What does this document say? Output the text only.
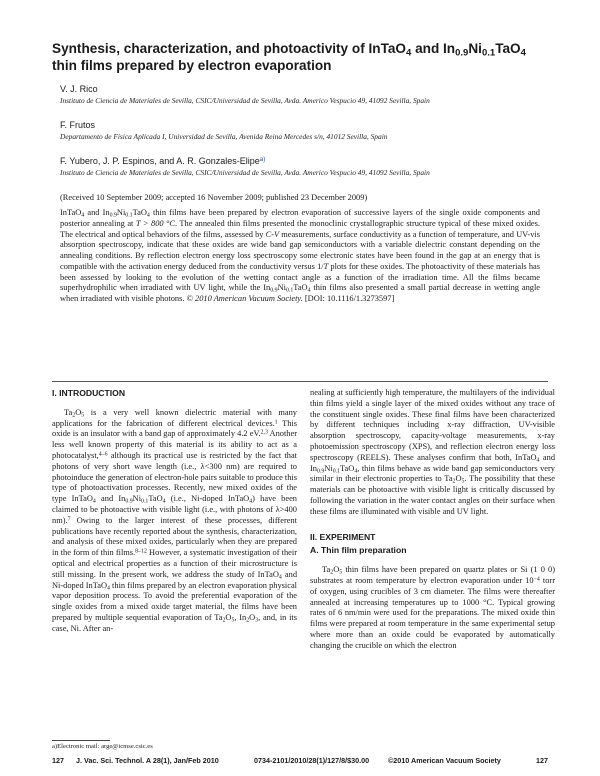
Synthesis, characterization, and photoactivity of InTaO$_4$ and $In_{0.9}Ni_{0.1}TaO_4$
thin films prepared by electron evaporation
V. J. Rico
Instituto de Ciencia de Materiales de Sevilla, CSIC/Universidad de Sevilla, Avda. Americo Vespucio 49, 41092 Sevilla, Spain
F. Frutos
Departamento de Física Aplicada I, Universidad de Sevilla, Avenida Reina Mercedes s/n, 41012 Sevilla, Spain
F. Yubero, J. P. Espinos, and A. R. Gonzales-Elipe$^{a)}$
Instituto de Ciencia de Materiales de Sevilla, CSIC/Universidad de Sevilla, Avda. Americo Vespucio 49, 41092 Sevilla, Spain
(Received 10 September 2009; accepted 16 November 2009; published 23 December 2009)
InTaO$_4$ and $In_{0.9}Ni_{0.1}TaO_4$ thin films have been prepared by electron evaporation of successive layers of the single oxide components and posterior annealing at T > 800 °C. The annealed thin films presented the monoclinic crystallographic structure typical of these mixed oxides. The electrical and optical behaviors of the films, assessed by C-V measurements, surface conductivity as a function of temperature, and UV-vis absorption spectroscopy, indicate that these oxides are wide band gap semiconductors with a variable dielectric constant depending on the annealing conditions. By reflection electron energy loss spectroscopy some electronic states have been found in the gap at an energy that is compatible with the activation energy deduced from the conductivity versus 1/T plots for these oxides. The photoactivity of these materials has been assessed by looking to the evolution of the wetting contact angle as a function of the irradiation time. All the films became superhydrophilic when irradiated with UV light, while the $In_{0.9}Ni_{0.1}TaO_4$ thin films also presented a small partial decrease in wetting angle when irradiated with visible photons. © 2010 American Vacuum Society. [DOI: 10.1116/1.3273597]

I. INTRODUCTION

$Ta_2O_5$ is a very well known dielectric material with many applications for the fabrication of different electrical devices.$^1$ This oxide is an insulator with a band gap of approximately 4.2 eV.$^{2,3}$ Another less well known property of this material is its ability to act as a photocatalyst,$^{4-6}$ although its practical use is restricted by the fact that photons of very short wave length (i.e., λ<300 nm) are required to photoinduce the generation of electron-hole pairs suitable to produce this type of photoactivation processes. Recently, new mixed oxides of the type InTaO$_4$ and $In_{0.9}Ni_{0.1}TaO_4$ (i.e., Ni-doped InTaO$_4$) have been claimed to be photoactive with visible light (i.e., with photons of λ>400 nm).$^7$ Owing to the larger interest of these processes, different publications have recently reported about the synthesis, characterization, and analysis of these mixed oxides, particularly when they are prepared in the form of thin films.$^{8-12}$ However, a systematic investigation of their optical and electrical properties as a function of their microstructure is still missing. In the present work, we address the study of InTaO$_4$ and Ni-doped InTaO$_4$ thin films prepared by an electron evaporation physical vapor deposition process. To avoid the preferential evaporation of the single oxides from a mixed oxide target material, the films have been prepared by multiple sequential evaporation of $Ta_2O_5$, $In_2O_3$, and, in its case, Ni. After an-

nealing at sufficiently high temperature, the multilayers of the individual thin films yield a single layer of the mixed oxides without any trace of the constituent single oxides. These final films have been characterized by different techniques including x-ray diffraction, UV-visible absorption spectroscopy, capacity-voltage measurements, x-ray photoemission spectroscopy (XPS), and reflection electron energy loss spectroscopy (REELS). These analyses confirm that both, InTaO$_4$ and $In_{0.9}Ni_{0.1}TaO_4$, thin films behave as wide band gap semiconductors very similar in their electronic properties to $Ta_2O_5$. The possibility that these materials can be photoactive with visible light is critically discussed by following the variation in the water contact angles on their surface when these films are illuminated with visible and UV light.

II. EXPERIMENT

A. Thin film preparation

$Ta_2O_5$ thin films have been prepared on quartz plates or Si (1 0 0) substrates at room temperature by electron evaporation under $10^{-4}$ torr of oxygen, using crucibles of 3 cm diameter. The films were thereafter annealed at increasing temperatures up to 1000 °C. Typical growing rates of 6 nm/min were used for the preparations. The mixed oxide thin films were prepared at room temperature in the same experimental setup where more than an oxide could be evaporated by automatically changing the crucible on which the electron

a)Electronic mail: arge@icmse.csic.es
127 J. Vac. Sci. Technol. A 28(1), Jan/Feb 2010	0734-2101/2010/28(1)/127/8/$30.00	©2010 American Vacuum Society	127
